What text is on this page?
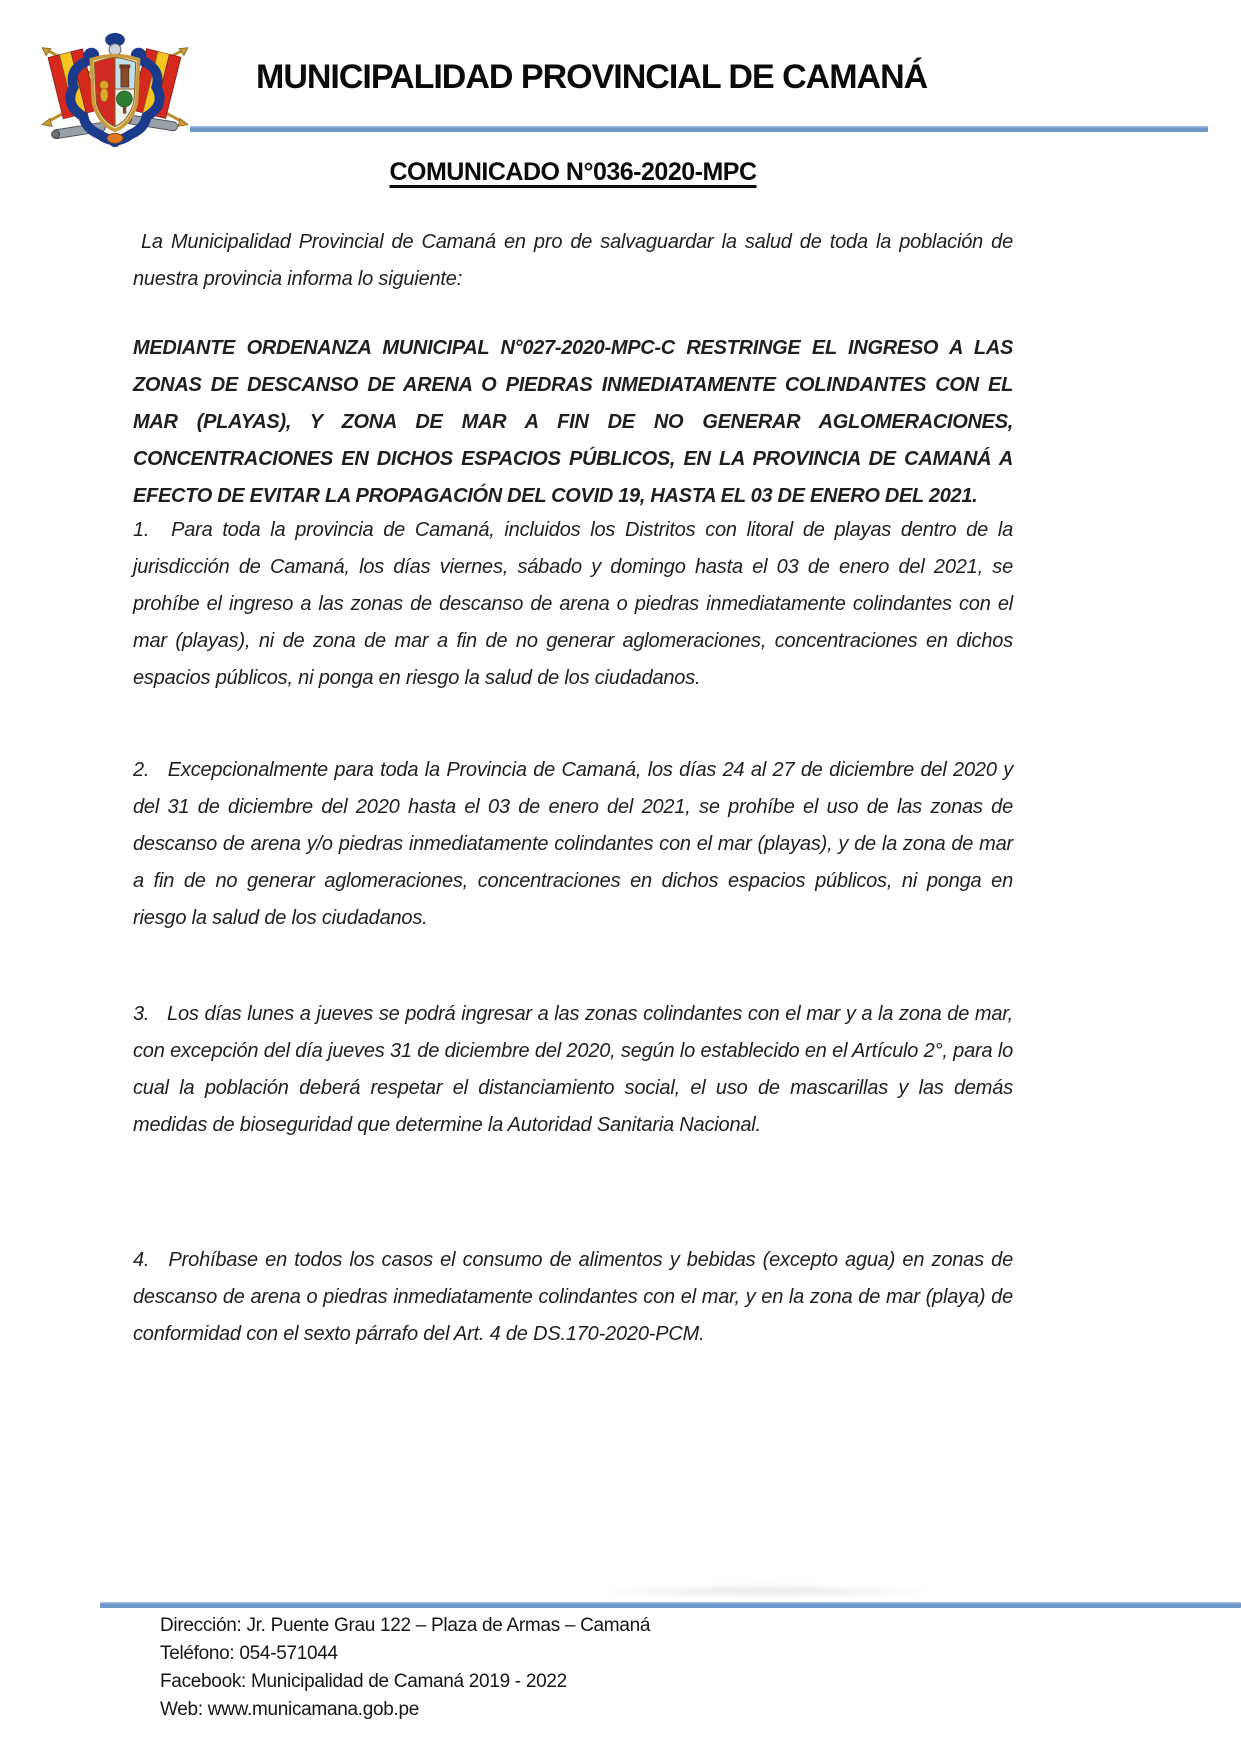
MUNICIPALIDAD PROVINCIAL DE CAMANÁ
COMUNICADO N°036-2020-MPC

La Municipalidad Provincial de Camaná en pro de salvaguardar la salud de toda la población de nuestra provincia informa lo siguiente:

MEDIANTE ORDENANZA MUNICIPAL N°027-2020-MPC-C RESTRINGE EL INGRESO A LAS ZONAS DE DESCANSO DE ARENA O PIEDRAS INMEDIATAMENTE COLINDANTES CON EL MAR (PLAYAS), Y ZONA DE MAR A FIN DE NO GENERAR AGLOMERACIONES, CONCENTRACIONES EN DICHOS ESPACIOS PÚBLICOS, EN LA PROVINCIA DE CAMANÁ A EFECTO DE EVITAR LA PROPAGACIÓN DEL COVID 19, HASTA EL 03 DE ENERO DEL 2021.

1. Para toda la provincia de Camaná, incluidos los Distritos con litoral de playas dentro de la jurisdicción de Camaná, los días viernes, sábado y domingo hasta el 03 de enero del 2021, se prohíbe el ingreso a las zonas de descanso de arena o piedras inmediatamente colindantes con el mar (playas), ni de zona de mar a fin de no generar aglomeraciones, concentraciones en dichos espacios públicos, ni ponga en riesgo la salud de los ciudadanos.

2. Excepcionalmente para toda la Provincia de Camaná, los días 24 al 27 de diciembre del 2020 y del 31 de diciembre del 2020 hasta el 03 de enero del 2021, se prohíbe el uso de las zonas de descanso de arena y/o piedras inmediatamente colindantes con el mar (playas), y de la zona de mar a fin de no generar aglomeraciones, concentraciones en dichos espacios públicos, ni ponga en riesgo la salud de los ciudadanos.

3. Los días lunes a jueves se podrá ingresar a las zonas colindantes con el mar y a la zona de mar, con excepción del día jueves 31 de diciembre del 2020, según lo establecido en el Artículo 2°, para lo cual la población deberá respetar el distanciamiento social, el uso de mascarillas y las demás medidas de bioseguridad que determine la Autoridad Sanitaria Nacional.

4. Prohíbase en todos los casos el consumo de alimentos y bebidas (excepto agua) en zonas de descanso de arena o piedras inmediatamente colindantes con el mar, y en la zona de mar (playa) de conformidad con el sexto párrafo del Art. 4 de DS.170-2020-PCM.

Dirección: Jr. Puente Grau 122 – Plaza de Armas – Camaná
Teléfono: 054-571044
Facebook: Municipalidad de Camaná 2019 - 2022
Web: www.municamana.gob.pe
